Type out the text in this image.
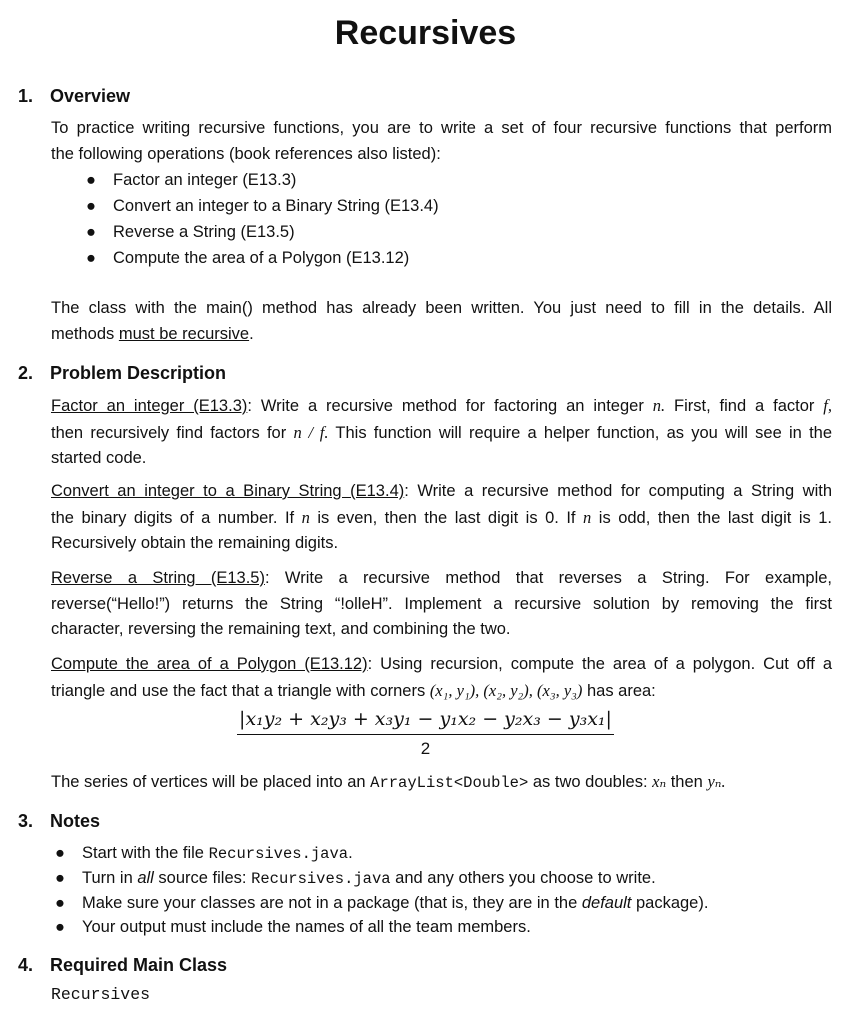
Recursives
1. Overview
To practice writing recursive functions, you are to write a set of four recursive functions that perform
the following operations (book references also listed):
● Factor an integer (E13.3)
● Convert an integer to a Binary String (E13.4)
● Reverse a String (E13.5)
● Compute the area of a Polygon (E13.12)
The class with the main() method has already been written. You just need to fill in the details. All
methods must be recursive.
2. Problem Description
Factor an integer (E13.3): Write a recursive method for factoring an integer n. First, find a factor f,
then recursively find factors for n / f. This function will require a helper function, as you will see in the
started code.
Convert an integer to a Binary String (E13.4): Write a recursive method for computing a String with
the binary digits of a number. If n is even, then the last digit is 0. If n is odd, then the last digit is 1.
Recursively obtain the remaining digits.
Reverse a String (E13.5): Write a recursive method that reverses a String. For example,
reverse(“Hello!”) returns the String “!olleH”. Implement a recursive solution by removing the first
character, reversing the remaining text, and combining the two.
Compute the area of a Polygon (E13.12): Using recursion, compute the area of a polygon. Cut off a
triangle and use the fact that a triangle with corners (x₁, y₁), (x₂, y₂), (x₃, y₃) has area:
|x₁y₂ + x₂y₃ + x₃y₁ − y₁x₂ − y₂x₃ − y₃x₁|
2
The series of vertices will be placed into an ArrayList<Double> as two doubles: xₙ then yₙ.
3. Notes
● Start with the file Recursives.java.
● Turn in all source files: Recursives.java and any others you choose to write.
● Make sure your classes are not in a package (that is, they are in the default package).
● Your output must include the names of all the team members.
4. Required Main Class
Recursives
